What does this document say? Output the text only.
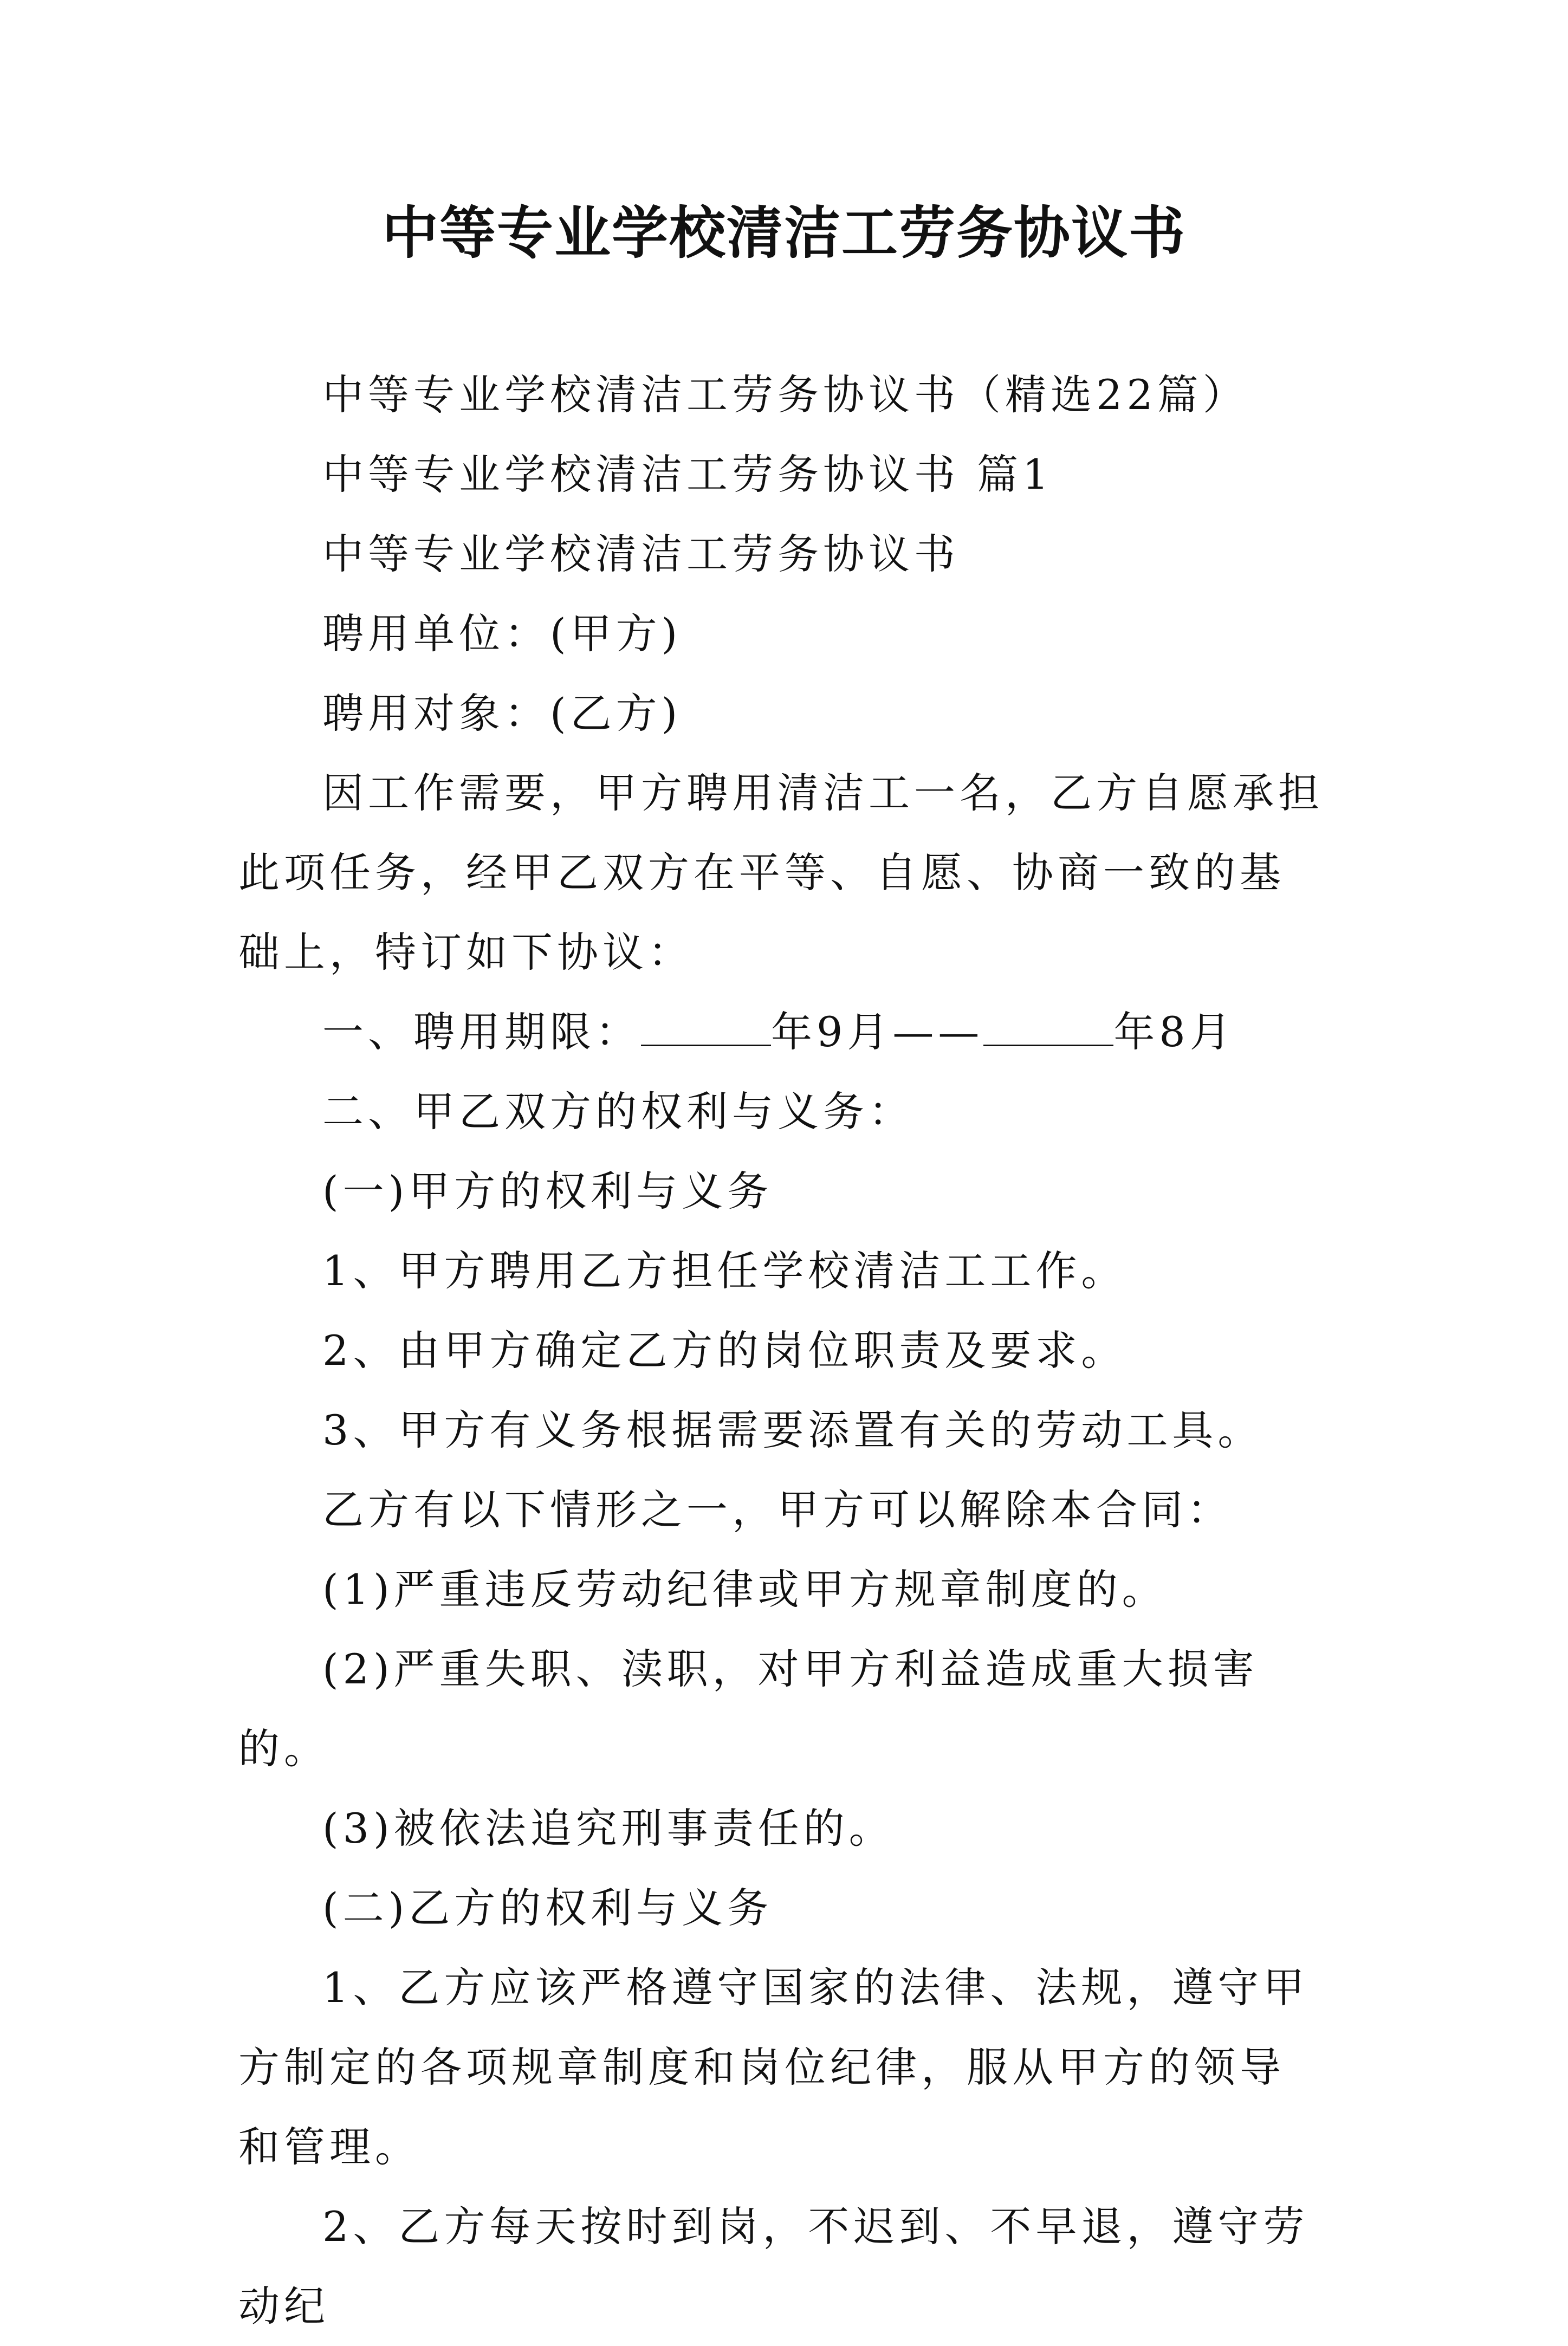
中等专业学校清洁工劳务协议书

中等专业学校清洁工劳务协议书（精选22篇）

中等专业学校清洁工劳务协议书 篇1

中等专业学校清洁工劳务协议书

聘用单位：(甲方)

聘用对象：(乙方)

因工作需要，甲方聘用清洁工一名，乙方自愿承担此项任务，经甲乙双方在平等、自愿、协商一致的基础上，特订如下协议：

一、聘用期限：	年9月——	年8月

二、甲乙双方的权利与义务：

(一)甲方的权利与义务

1、甲方聘用乙方担任学校清洁工工作。

2、由甲方确定乙方的岗位职责及要求。

3、甲方有义务根据需要添置有关的劳动工具。

乙方有以下情形之一，甲方可以解除本合同：

(1)严重违反劳动纪律或甲方规章制度的。

(2)严重失职、渎职，对甲方利益造成重大损害的。

(3)被依法追究刑事责任的。

(二)乙方的权利与义务

1、乙方应该严格遵守国家的法律、法规，遵守甲方制定的各项规章制度和岗位纪律，服从甲方的领导和管理。

2、乙方每天按时到岗，不迟到、不早退，遵守劳动纪
